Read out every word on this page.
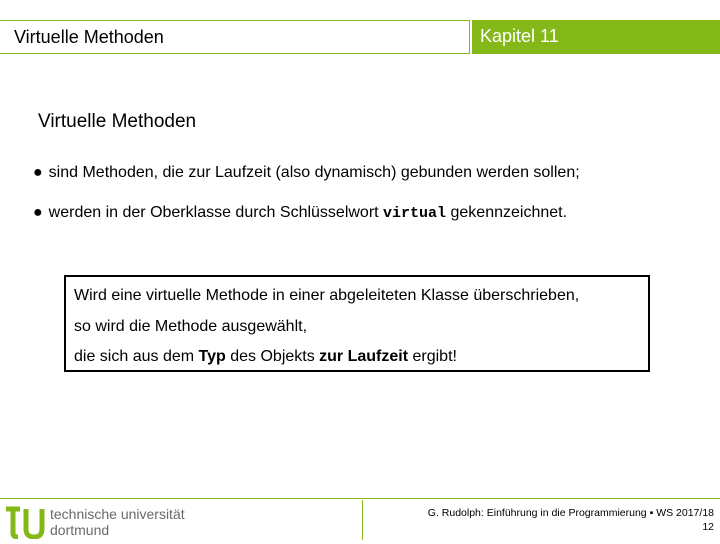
Virtuelle Methoden	Kapitel 11
Virtuelle Methoden
● sind Methoden, die zur Laufzeit (also dynamisch) gebunden werden sollen;
● werden in der Oberklasse durch Schlüsselwort virtual gekennzeichnet.
Wird eine virtuelle Methode in einer abgeleiteten Klasse überschrieben,
so wird die Methode ausgewählt,
die sich aus dem Typ des Objekts zur Laufzeit ergibt!
technische universität
dortmund
G. Rudolph: Einführung in die Programmierung ▪ WS 2017/18
12
